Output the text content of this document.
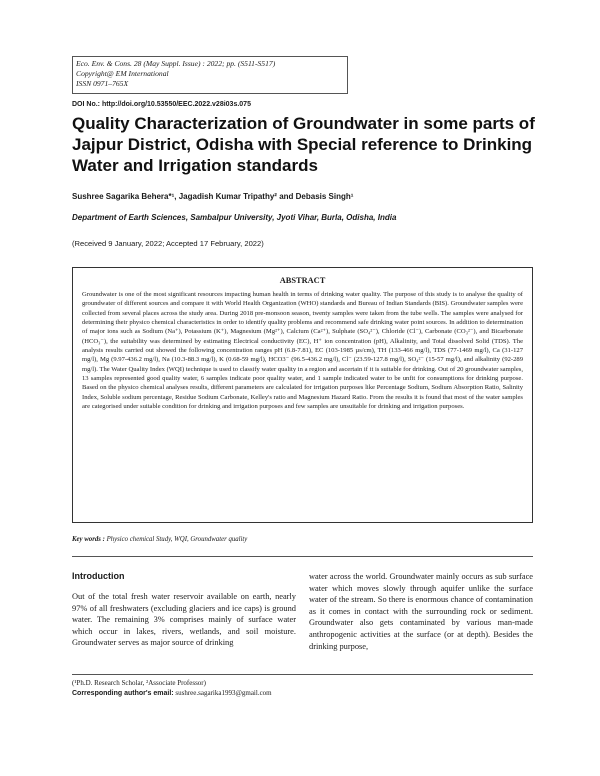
Eco. Env. & Cons. 28 (May Suppl. Issue) : 2022; pp. (S511-S517)
Copyright@ EM International
ISSN 0971–765X
DOI No.: http://doi.org/10.53550/EEC.2022.v28i03s.075
Quality Characterization of Groundwater in some parts of Jajpur District, Odisha with Special reference to Drinking Water and Irrigation standards
Sushree Sagarika Behera*¹, Jagadish Kumar Tripathy² and Debasis Singh¹
Department of Earth Sciences, Sambalpur University, Jyoti Vihar, Burla, Odisha, India
(Received 9 January, 2022; Accepted 17 February, 2022)
ABSTRACT
Groundwater is one of the most significant resources impacting human health in terms of drinking water quality. The purpose of this study is to analyse the quality of groundwater of different sources and compare it with World Health Organization (WHO) standards and Bureau of Indian Standards (BIS). Groundwater samples were collected from several places across the study area. During 2018 pre-monsoon season, twenty samples were taken from the tube wells. The samples were analysed for determining their physico chemical characteristics in order to identify quality problems and recommend safe drinking water point sources. In addition to determination of major ions such as Sodium (Na⁺), Potassium (K⁺), Magnesium (Mg²⁺), Calcium (Ca²⁺), Sulphate (SO₄²⁻), Chloride (Cl⁻), Carbonate (CO₃²⁻), and Bicarbonate (HCO₃⁻), the suitability was determined by estimating Electrical conductivity (EC), H⁺ ion concentration (pH), Alkalinity, and Total dissolved Solid (TDS). The analysis results carried out showed the following concentration ranges pH (6.8-7.81), EC (103-1985 µs/cm), TH (133-466 mg/l), TDS (77-1469 mg/l), Ca (31-127 mg/l), Mg (9.97-436.2 mg/l), Na (10.3-88.3 mg/l), K (0.68-59 mg/l), HCO3⁻ (96.5-436.2 mg/l), Cl⁻ (23.59-127.8 mg/l), SO₄²⁻ (15-57 mg/l), and alkalinity (92-289 mg/l). The Water Quality Index (WQI) technique is used to classify water quality in a region and ascertain if it is suitable for drinking. Out of 20 groundwater samples, 13 samples represented good quality water, 6 samples indicate poor quality water, and 1 sample indicated water to be unfit for consumptions for drinking purpose. Based on the physico chemical analyses results, different parameters are calculated for irrigation purposes like Percentage Sodium, Sodium Absorption Ratio, Salinity Index, Soluble sodium percentage, Residue Sodium Carbonate, Kelley's ratio and Magnesium Hazard Ratio. From the results it is found that most of the water samples are categorised under suitable condition for drinking and irrigation purposes and few samples are unsuitable for drinking and irrigation purposes.
Key words : Physico chemical Study, WQI, Groundwater quality
Introduction
Out of the total fresh water reservoir available on earth, nearly 97% of all freshwaters (excluding glaciers and ice caps) is ground water. The remaining 3% comprises mainly of surface water which occur in lakes, rivers, wetlands, and soil moisture. Groundwater serves as major source of drinking
water across the world. Groundwater mainly occurs as sub surface water which moves slowly through aquifer unlike the surface water of the stream. So there is enormous chance of contamination as it comes in contact with the surrounding rock or sediment. Groundwater also gets contaminated by various man-made anthropogenic activities at the surface (or at depth). Besides the drinking purpose,
(¹Ph.D. Research Scholar, ²Associate Professor)
Corresponding author's email: sushree.sagarika1993@gmail.com
